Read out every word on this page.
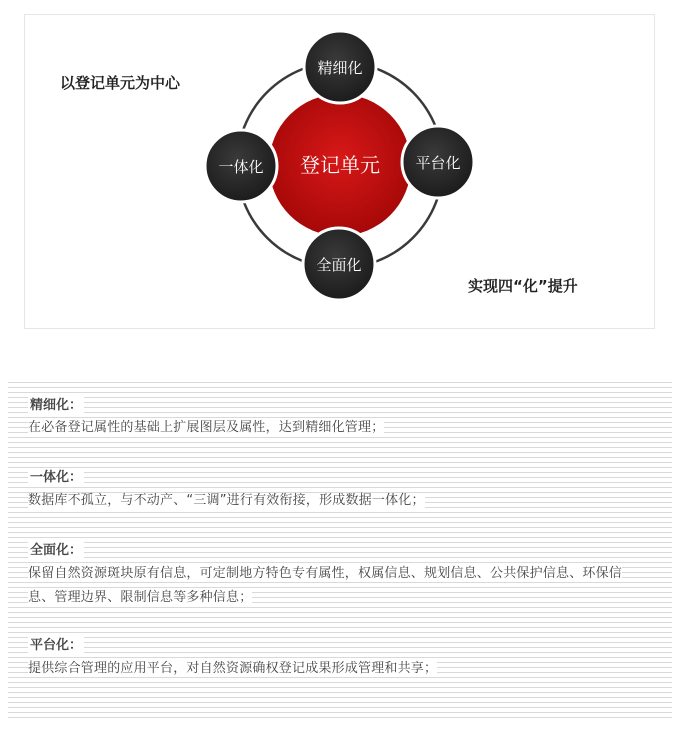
登记单元
精细化
一体化	平台化
全面化
以登记单元为中心
实现四“化”提升
精细化：
在必备登记属性的基础上扩展图层及属性，达到精细化管理；
一体化：
数据库不孤立，与不动产、“三调”进行有效衔接，形成数据一体化；
全面化：
保留自然资源斑块原有信息，可定制地方特色专有属性，权属信息、规划信息、公共保护信息、环保信息、管理边界、限制信息等多种信息；
平台化：
提供综合管理的应用平台，对自然资源确权登记成果形成管理和共享；
